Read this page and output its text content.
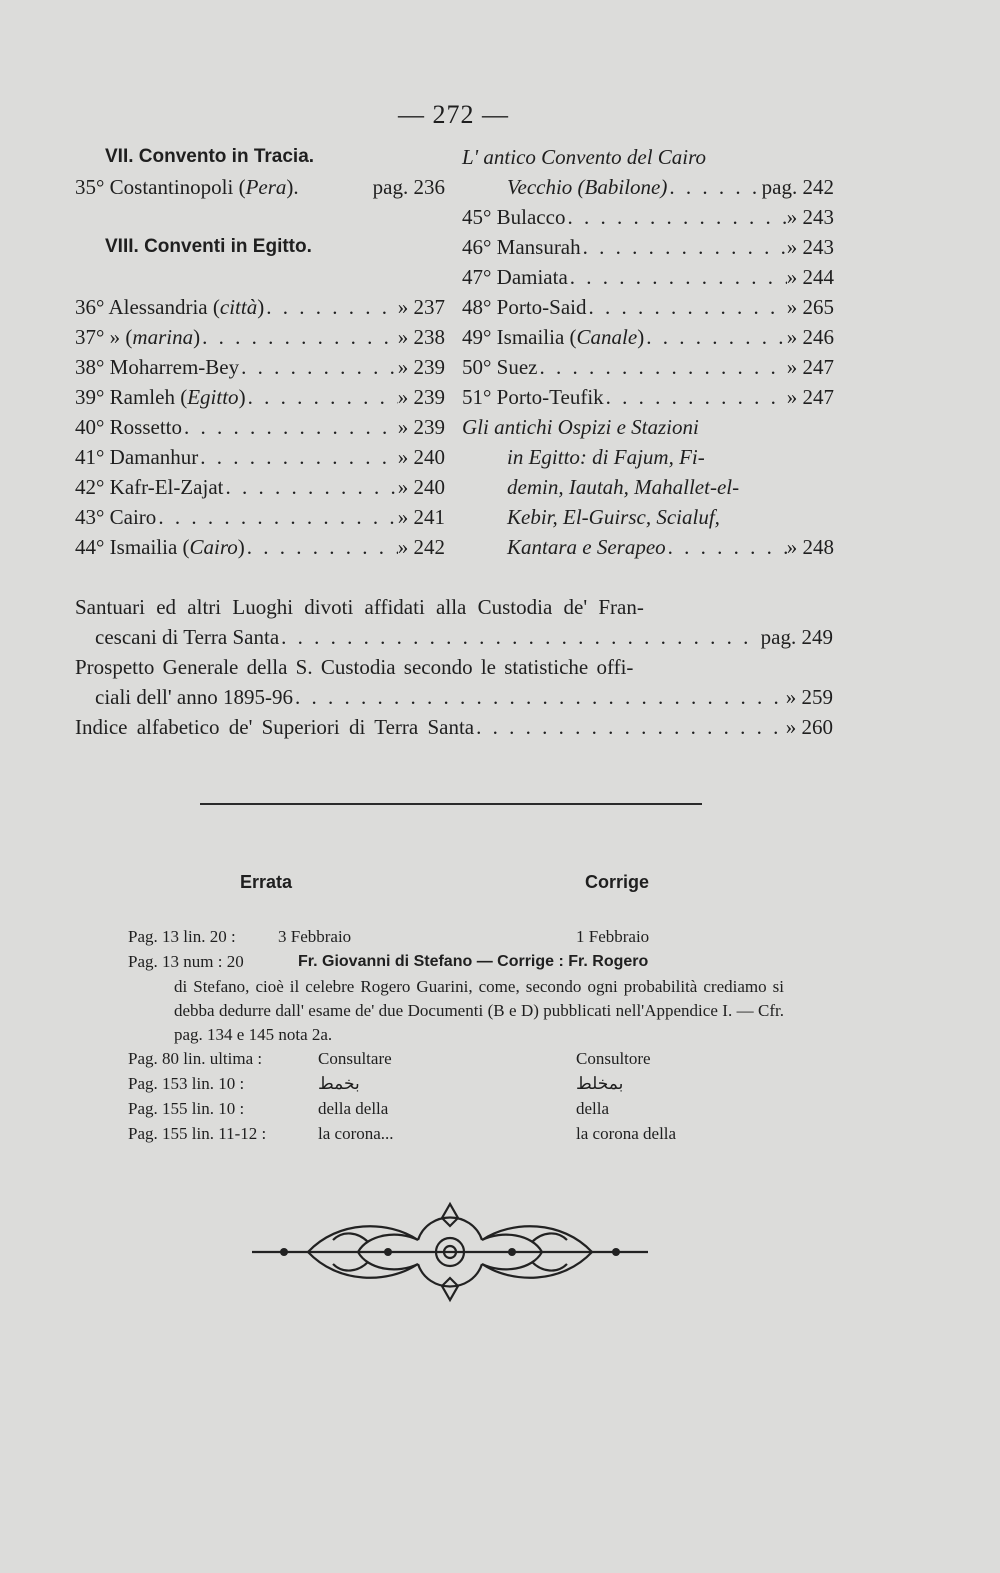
— 272 —
VII. Convento in Tracia.
35° Costantinopoli (Pera).	pag. 236
VIII. Conventi in Egitto.
36° Alessandria (città) . . .	» 237
37° » (marina) . . .	» 238
38° Moharrem-Bey . . .	» 239
39° Ramleh (Egitto) . . .	» 239
40° Rossetto . . .	» 239
41° Damanhur . . .	» 240
42° Kafr-El-Zajat . . .	» 240
43° Cairo . . .	» 241
44° Ismailia (Cairo) . . .	» 242
L' antico Convento del Cairo
Vecchio (Babilone) . . .	pag. 242
45° Bulacco . . .	» 243
46° Mansurah . . .	» 243
47° Damiata . . .	» 244
48° Porto-Said . . .	» 265
49° Ismailia (Canale) . . .	» 246
50° Suez . . .	» 247
51° Porto-Teufik . . .	» 247
Gli antichi Ospizi e Stazioni
in Egitto: di Fajum, Fi-
demin, Iautah, Mahallet-el-
Kebir, El-Guirsc, Scialuf,
Kantara e Serapeo . . .	» 248
Santuari ed altri Luoghi divoti affidati alla Custodia de' Fran-
cescani di Terra Santa . . .	pag. 249
Prospetto Generale della S. Custodia secondo le statistiche offi-
ciali dell' anno 1895-96 . . .	» 259
Indice alfabetico de' Superiori di Terra Santa . . .	» 260
Errata	Corrige
Pag. 13 lin. 20 : 3 Febbraio	1 Febbraio
Pag. 13 num : 20	Fr. Giovanni di Stefano — Corrige : Fr. Rogero
di Stefano, cioè il celebre Rogero Guarini, come, secondo ogni probabilità crediamo si debba dedurre dall' esame de' due Documenti (B e D) pubblicati nell'Appendice I. — Cfr. pag. 134 e 145 nota 2a.
Pag. 80 lin. ultima :	Consultare	Consultore
Pag. 153 lin. 10 :	بخمط	بمخلط
Pag. 155 lin. 10 :	della della	della
Pag. 155 lin. 11-12 :	la corona...	la corona della
